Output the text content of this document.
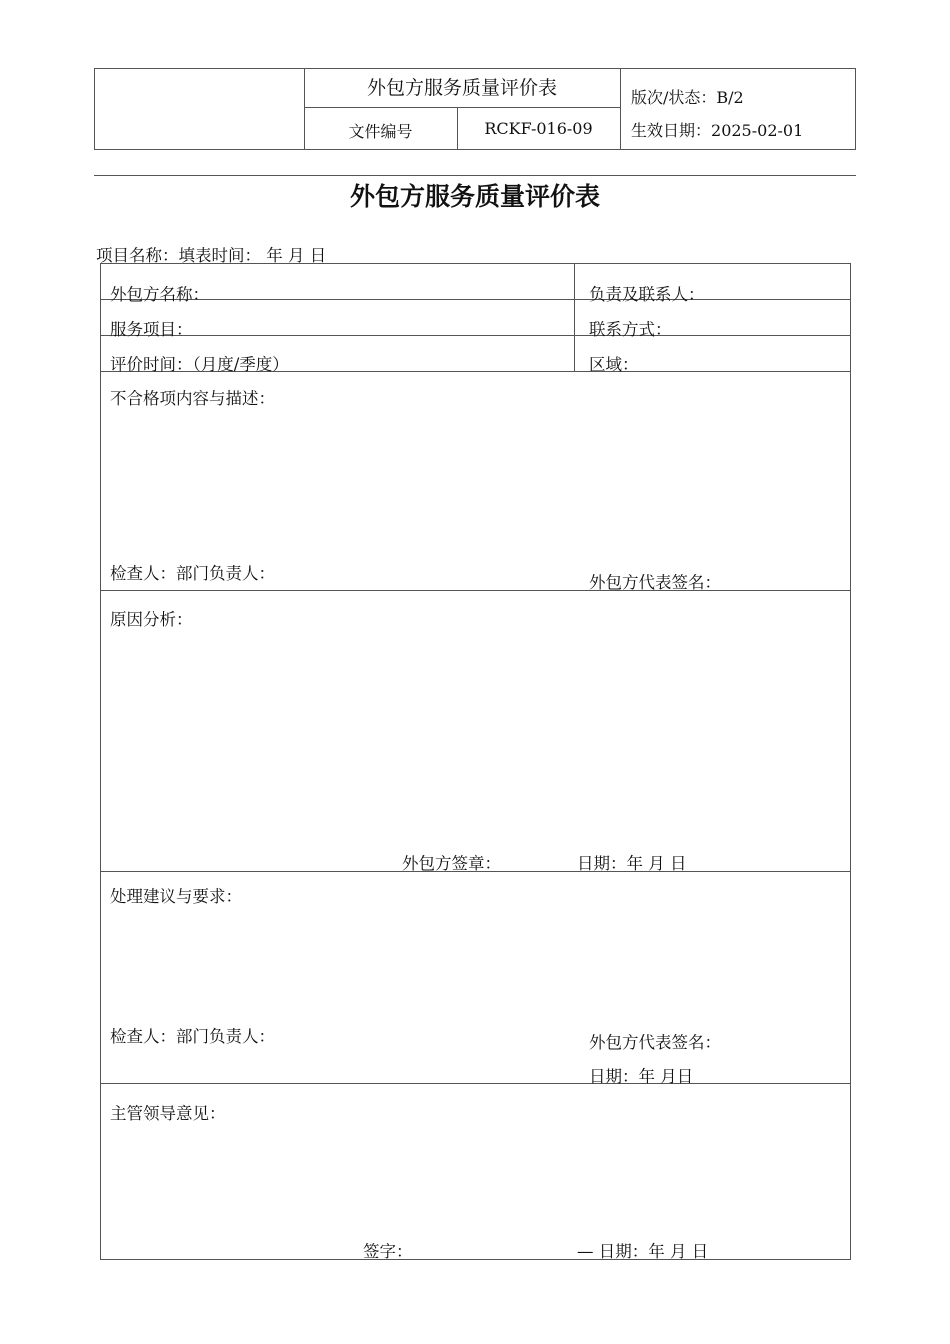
外包方服务质量评价表
文件编号	RCKF-016-09
版次/状态：B/2
生效日期：2025-02-01
外包方服务质量评价表
项目名称：填表时间： 年 月 日
外包方名称：	负责及联系人：
服务项目：	联系方式：
评价时间：（月度/季度）	区域：
不合格项内容与描述：
检查人：部门负责人：	外包方代表签名：
原因分析：
外包方签章：	日期：年 月 日
处理建议与要求：
检查人：部门负责人：	外包方代表签名：
日期：年 月日
主管领导意见：
签字：	— 日期：年 月 日
